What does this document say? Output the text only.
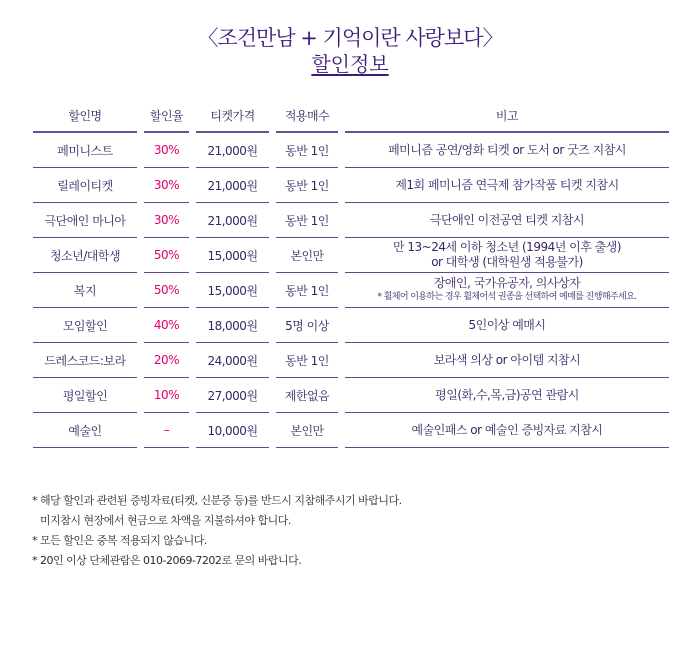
〈조건만남 + 기억이란 사랑보다〉
할인정보
할인명		할인율		티켓가격		적용매수		비고
페미니스트		30%		21,000원		동반 1인		페미니즘 공연/영화 티켓 or 도서 or 굿즈 지참시

릴레이티켓		30%		21,000원		동반 1인		제1회 페미니즘 연극제 참가작품 티켓 지참시

극단애인 마니아		30%		21,000원		동반 1인		극단애인 이전공연 티켓 지참시

청소년/대학생		50%		15,000원		본인만		만 13~24세 이하 청소년 (1994년 이후 출생)
or 대학생 (대학원생 적용불가)

복지		50%		15,000원		동반 1인		장애인, 국가유공자, 의사상자
* 휠체어 이용하는 경우 휠체어석 권종을 선택하여 예매를 진행해주세요.

모임할인		40%		18,000원		5명 이상		5인이상 예매시

드레스코드:보라		20%		24,000원		동반 1인		보라색 의상 or 아이템 지참시

평일할인		10%		27,000원		제한없음		평일(화,수,목,금)공연 관람시

예술인		–		10,000원		본인만		예술인패스 or 예술인 증빙자료 지참시
* 해당 할인과 관련된 증빙자료(티켓, 신분증 등)를 반드시 지참해주시기 바랍니다.
미지참시 현장에서 현금으로 차액을 지불하셔야 합니다.
* 모든 할인은 중복 적용되지 않습니다.
* 20인 이상 단체관람은 010-2069-7202로 문의 바랍니다.
